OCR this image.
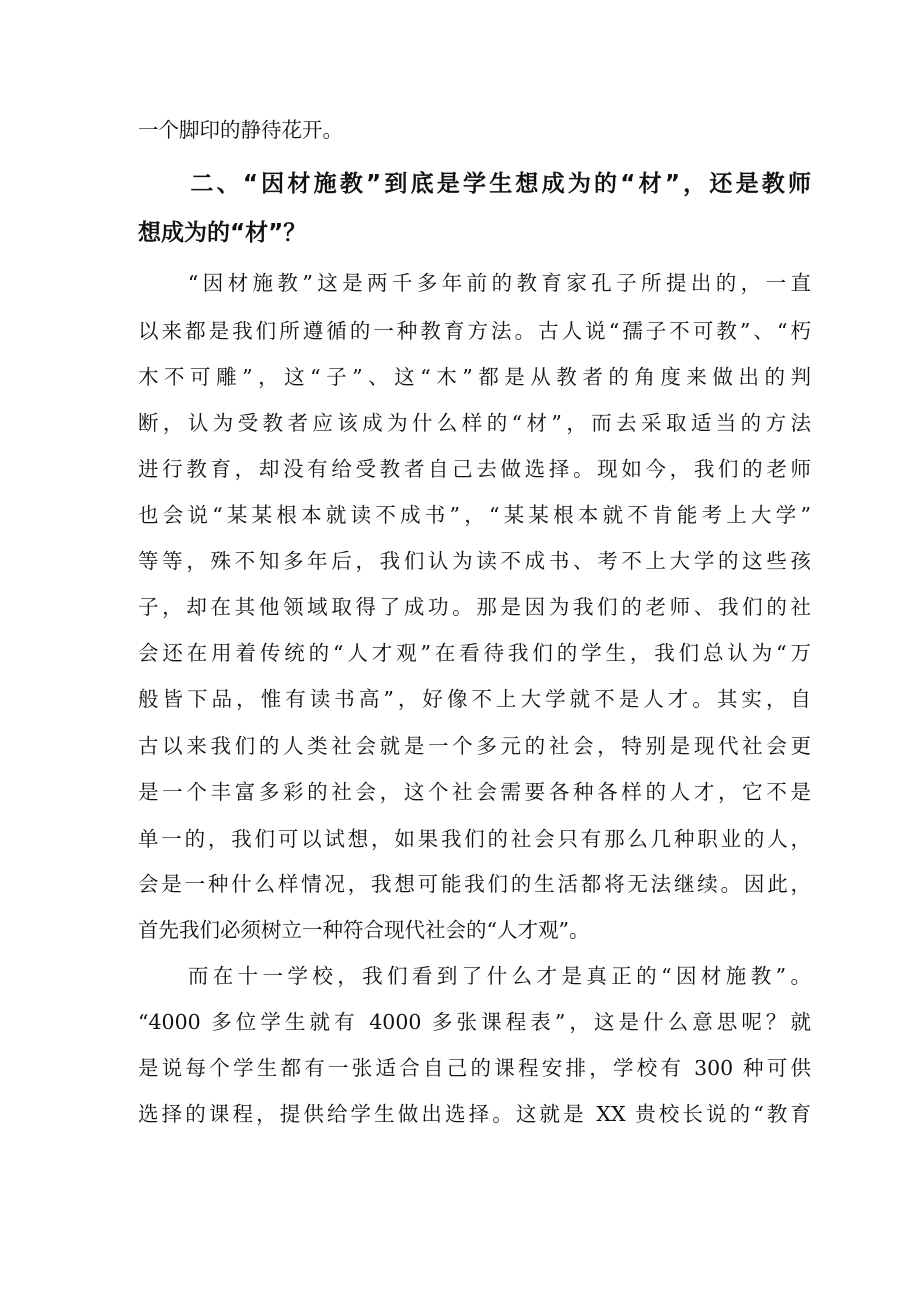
一个脚印的静待花开。
　　二、“因材施教”到底是学生想成为的“材”，还是教师
想成为的“材”？
　　“因材施教”这是两千多年前的教育家孔子所提出的，一直
以来都是我们所遵循的一种教育方法。古人说“孺子不可教”、“朽
木不可雕”，这“子”、这“木”都是从教者的角度来做出的判
断，认为受教者应该成为什么样的“材”，而去采取适当的方法
进行教育，却没有给受教者自己去做选择。现如今，我们的老师
也会说“某某根本就读不成书”，“某某根本就不肯能考上大学”
等等，殊不知多年后，我们认为读不成书、考不上大学的这些孩
子，却在其他领域取得了成功。那是因为我们的老师、我们的社
会还在用着传统的“人才观”在看待我们的学生，我们总认为“万
般皆下品，惟有读书高”，好像不上大学就不是人才。其实，自
古以来我们的人类社会就是一个多元的社会，特别是现代社会更
是一个丰富多彩的社会，这个社会需要各种各样的人才，它不是
单一的，我们可以试想，如果我们的社会只有那么几种职业的人，
会是一种什么样情况，我想可能我们的生活都将无法继续。因此，
首先我们必须树立一种符合现代社会的“人才观”。
　　而在十一学校，我们看到了什么才是真正的“因材施教”。
“4000 多位学生就有 4000 多张课程表”，这是什么意思呢？就
是说每个学生都有一张适合自己的课程安排，学校有 300 种可供
选择的课程，提供给学生做出选择。这就是 XX 贵校长说的“教育
